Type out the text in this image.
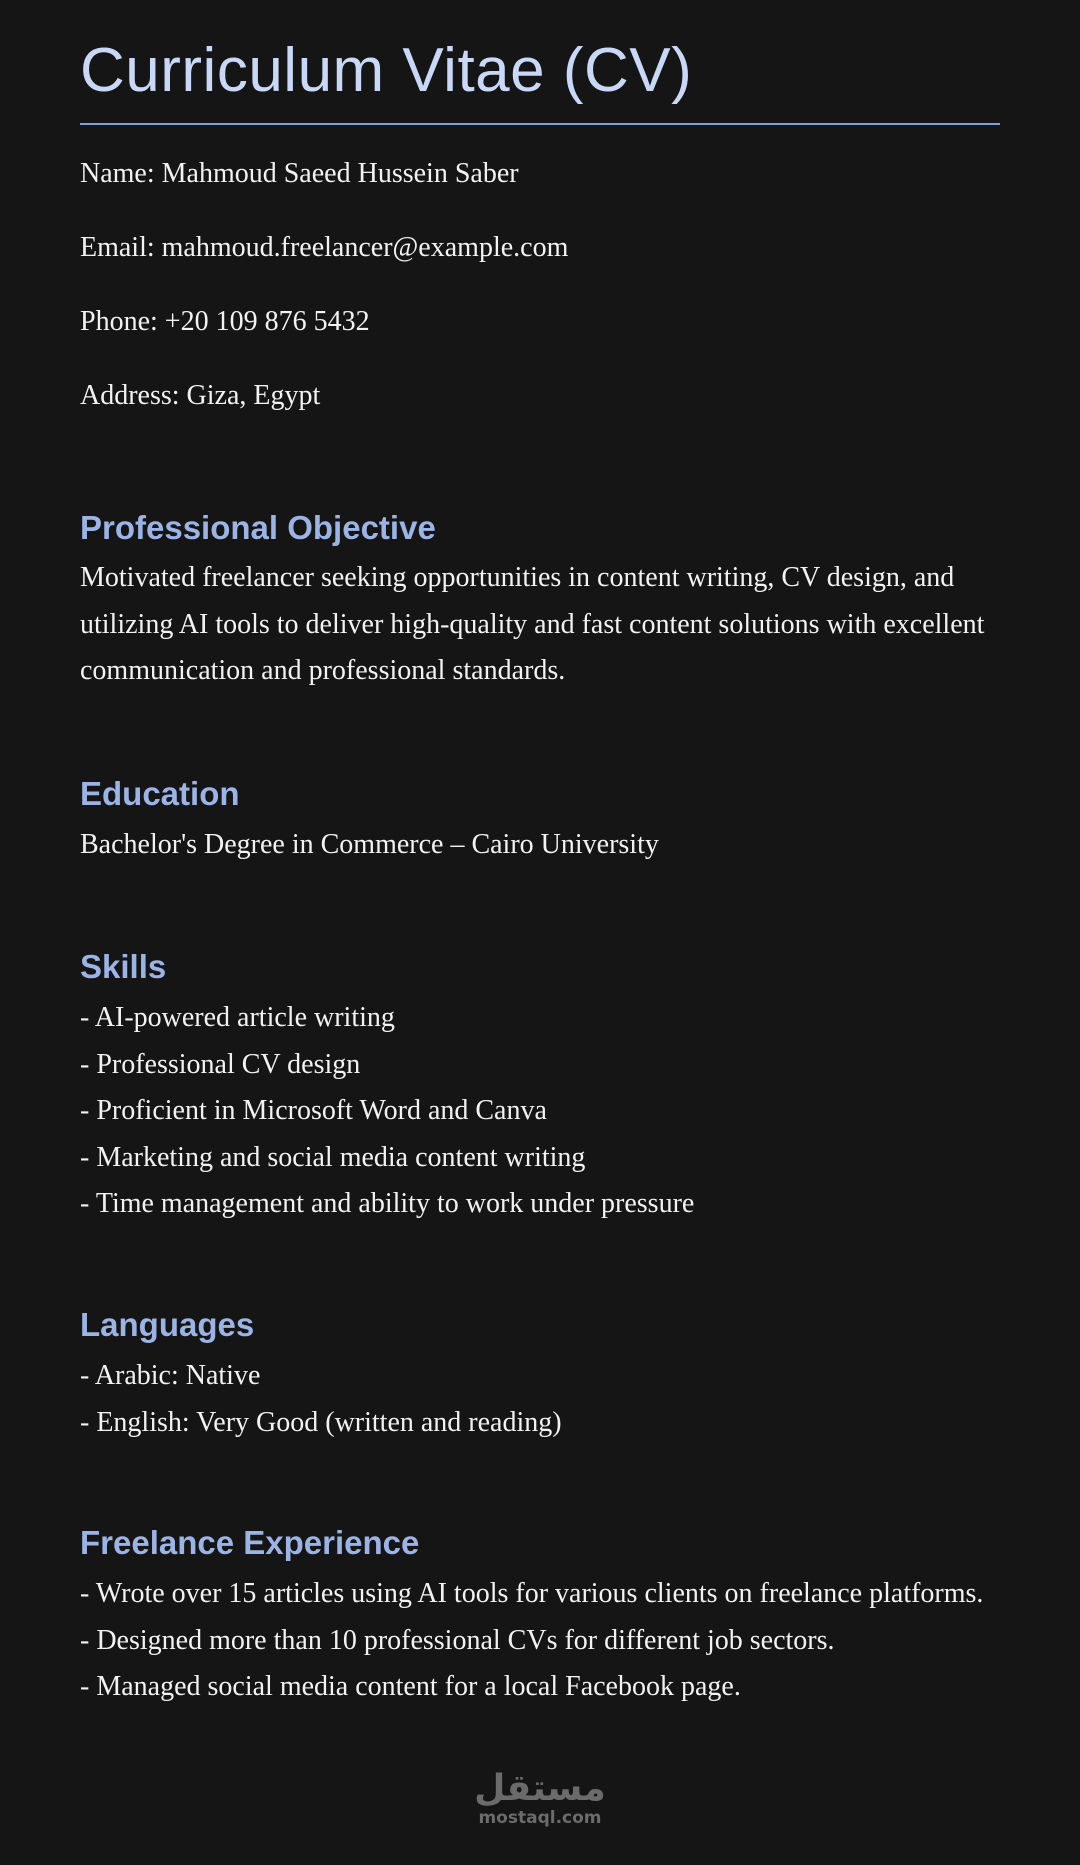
Curriculum Vitae (CV)

Name: Mahmoud Saeed Hussein Saber

Email: mahmoud.freelancer@example.com

Phone: +20 109 876 5432

Address: Giza, Egypt

Professional Objective
Motivated freelancer seeking opportunities in content writing, CV design, and utilizing AI tools to deliver high-quality and fast content solutions with excellent communication and professional standards.
Education
Bachelor's Degree in Commerce – Cairo University
Skills
- AI-powered article writing
- Professional CV design
- Proficient in Microsoft Word and Canva
- Marketing and social media content writing
- Time management and ability to work under pressure
Languages
- Arabic: Native
- English: Very Good (written and reading)
Freelance Experience
- Wrote over 15 articles using AI tools for various clients on freelance platforms.
- Designed more than 10 professional CVs for different job sectors.
- Managed social media content for a local Facebook page.
مستقل
mostaql.com
